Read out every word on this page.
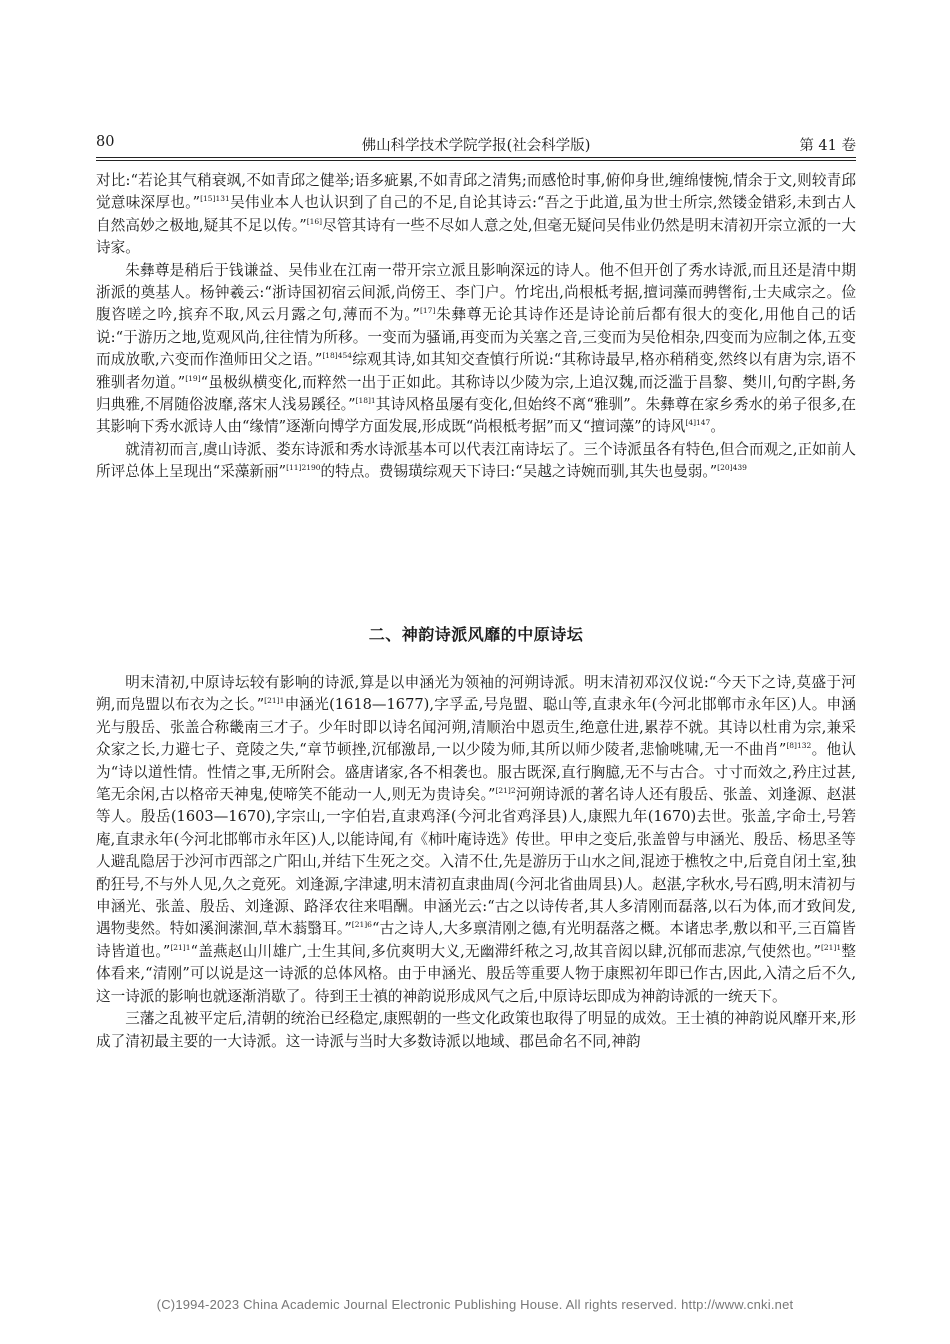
80	佛山科学技术学院学报(社会科学版)	第 41 卷

对比:“若论其气稍衰飒,不如青邱之健举;语多疵累,不如青邱之清隽;而感怆时事,俯仰身世,缠绵悽惋,情余于文,则较青邱觉意味深厚也。”$^{[15]131}$吴伟业本人也认识到了自己的不足,自论其诗云:“吾之于此道,虽为世士所宗,然镂金错彩,未到古人自然高妙之极地,疑其不足以传。”[16]尽管其诗有一些不尽如人意之处,但毫无疑问吴伟业仍然是明末清初开宗立派的一大诗家。

朱彝尊是稍后于钱谦益、吴伟业在江南一带开宗立派且影响深远的诗人。他不但开创了秀水诗派,而且还是清中期浙派的奠基人。杨钟羲云:“浙诗国初宿云间派,尚傍王、李门户。竹垞出,尚根柢考据,擅词藻而骋辔衔,士夫咸宗之。俭腹咨嗟之吟,摈弃不取,风云月露之句,薄而不为。”[17]朱彝尊无论其诗作还是诗论前后都有很大的变化,用他自己的话说:“于游历之地,览观风尚,往往情为所移。一变而为骚诵,再变而为关塞之音,三变而为吴伧相杂,四变而为应制之体,五变而成放歌,六变而作渔师田父之语。”$^{[18]454}$综观其诗,如其知交查慎行所说:“其称诗最早,格亦稍稍变,然终以有唐为宗,语不雅驯者勿道。”[19]“虽极纵横变化,而粹然一出于正如此。其称诗以少陵为宗,上追汉魏,而泛滥于昌黎、樊川,句酌字斟,务归典雅,不屑随俗波靡,落宋人浅易蹊径。”$^{[18]1}$其诗风格虽屡有变化,但始终不离“雅驯”。朱彝尊在家乡秀水的弟子很多,在其影响下秀水派诗人由“缘情”逐渐向博学方面发展,形成既“尚根柢考据”而又“擅词藻”的诗风$^{[4]147}$。

就清初而言,虞山诗派、娄东诗派和秀水诗派基本可以代表江南诗坛了。三个诗派虽各有特色,但合而观之,正如前人所评总体上呈现出“采藻新丽”$^{[11]2190}$的特点。费锡璜综观天下诗曰:“吴越之诗婉而驯,其失也曼弱。”$^{[20]439}$

二、神韵诗派风靡的中原诗坛

明末清初,中原诗坛较有影响的诗派,算是以申涵光为领袖的河朔诗派。明末清初邓汉仪说:“今天下之诗,莫盛于河朔,而凫盟以布衣为之长。”$^{[21]1}$申涵光(1618—1677),字孚孟,号凫盟、聪山等,直隶永年(今河北邯郸市永年区)人。申涵光与殷岳、张盖合称畿南三才子。少年时即以诗名闻河朔,清顺治中恩贡生,绝意仕进,累荐不就。其诗以杜甫为宗,兼采众家之长,力避七子、竟陵之失,“章节顿挫,沉郁激昂,一以少陵为师,其所以师少陵者,悲愉咷啸,无一不曲肖”$^{[8]132}$。他认为“诗以道性情。性情之事,无所附会。盛唐诸家,各不相袭也。服古既深,直行胸臆,无不与古合。寸寸而效之,矜庄过甚,笔无余闲,古以格帝天神鬼,使啼笑不能动一人,则无为贵诗矣。”$^{[21]2}$河朔诗派的著名诗人还有殷岳、张盖、刘逢源、赵湛等人。殷岳(1603—1670),字宗山,一字伯岩,直隶鸡泽(今河北省鸡泽县)人,康熙九年(1670)去世。张盖,字命士,号箬庵,直隶永年(今河北邯郸市永年区)人,以能诗闻,有《柿叶庵诗选》传世。甲申之变后,张盖曾与申涵光、殷岳、杨思圣等人避乱隐居于沙河市西部之广阳山,并结下生死之交。入清不仕,先是游历于山水之间,混迹于樵牧之中,后竟自闭土室,独酌狂号,不与外人见,久之竟死。刘逢源,字津逮,明末清初直隶曲周(今河北省曲周县)人。赵湛,字秋水,号石鸥,明末清初与申涵光、张盖、殷岳、刘逢源、路泽农往来唱酬。申涵光云:“古之以诗传者,其人多清刚而磊落,以石为体,而才致间发,遇物斐然。特如溪涧潆洄,草木蓊翳耳。”$^{[21]6}$“古之诗人,大多禀清刚之德,有光明磊落之概。本诸忠孝,敷以和平,三百篇皆诗皆道也。”$^{[21]1}$“盖燕赵山川雄广,士生其间,多伉爽明大义,无幽滞纤秾之习,故其音闳以肆,沉郁而悲凉,气使然也。”$^{[21]1}$整体看来,“清刚”可以说是这一诗派的总体风格。由于申涵光、殷岳等重要人物于康熙初年即已作古,因此,入清之后不久,这一诗派的影响也就逐渐消歇了。待到王士禛的神韵说形成风气之后,中原诗坛即成为神韵诗派的一统天下。

三藩之乱被平定后,清朝的统治已经稳定,康熙朝的一些文化政策也取得了明显的成效。王士禛的神韵说风靡开来,形成了清初最主要的一大诗派。这一诗派与当时大多数诗派以地域、郡邑命名不同,神韵

(C)1994-2023 China Academic Journal Electronic Publishing House. All rights reserved. http://www.cnki.net
